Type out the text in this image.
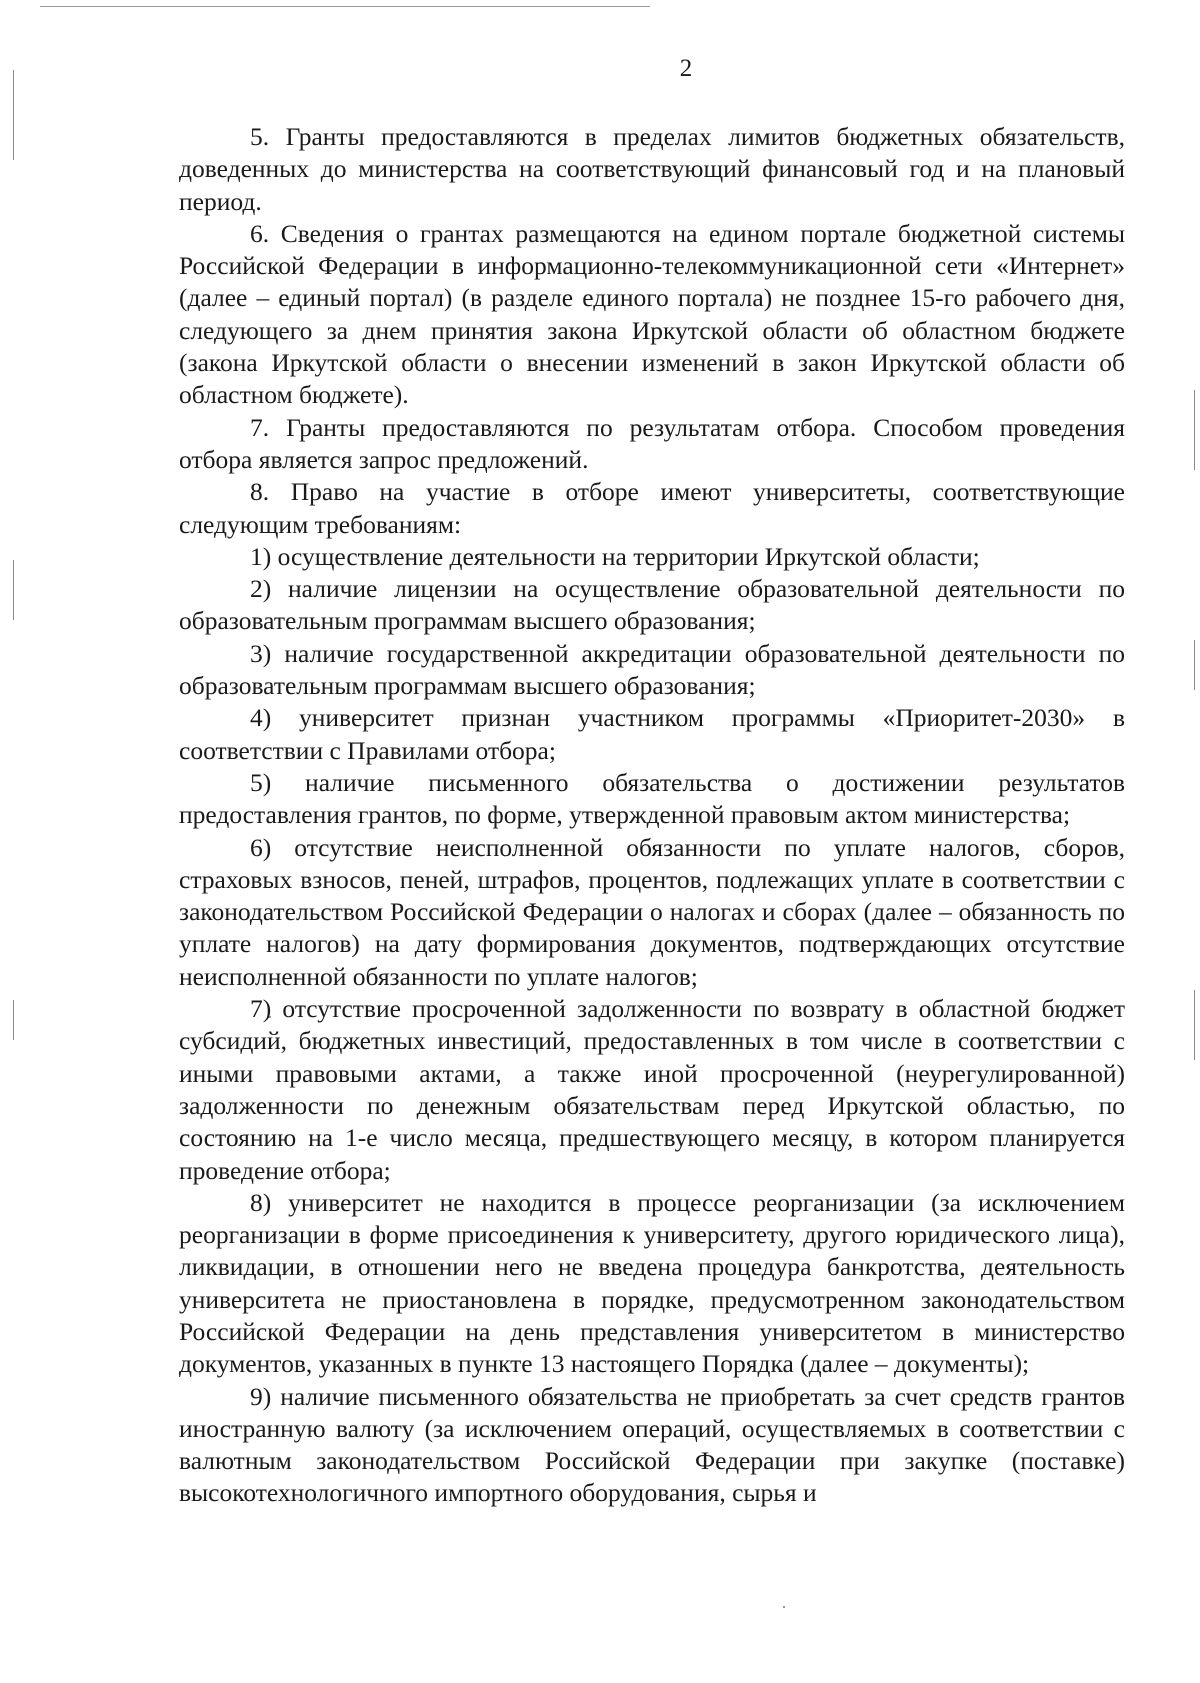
2

5. Гранты предоставляются в пределах лимитов бюджетных обязательств, доведенных до министерства на соответствующий финансовый год и на плановый период.

6. Сведения о грантах размещаются на едином портале бюджетной системы Российской Федерации в информационно-телекоммуникационной сети «Интернет» (далее – единый портал) (в разделе единого портала) не позднее 15-го рабочего дня, следующего за днем принятия закона Иркутской области об областном бюджете (закона Иркутской области о внесении изменений в закон Иркутской области об областном бюджете).

7. Гранты предоставляются по результатам отбора. Способом проведения отбора является запрос предложений.

8. Право на участие в отборе имеют университеты, соответствующие следующим требованиям:

1) осуществление деятельности на территории Иркутской области;

2) наличие лицензии на осуществление образовательной деятельности по образовательным программам высшего образования;

3) наличие государственной аккредитации образовательной деятельности по образовательным программам высшего образования;

4) университет признан участником программы «Приоритет-2030» в соответствии с Правилами отбора;

5) наличие письменного обязательства о достижении результатов предоставления грантов, по форме, утвержденной правовым актом министерства;

6) отсутствие неисполненной обязанности по уплате налогов, сборов, страховых взносов, пеней, штрафов, процентов, подлежащих уплате в соответствии с законодательством Российской Федерации о налогах и сборах (далее – обязанность по уплате налогов) на дату формирования документов, подтверждающих отсутствие неисполненной обязанности по уплате налогов;

7) отсутствие просроченной задолженности по возврату в областной бюджет субсидий, бюджетных инвестиций, предоставленных в том числе в соответствии с иными правовыми актами, а также иной просроченной (неурегулированной) задолженности по денежным обязательствам перед Иркутской областью, по состоянию на 1-е число месяца, предшествующего месяцу, в котором планируется проведение отбора;

8) университет не находится в процессе реорганизации (за исключением реорганизации в форме присоединения к университету, другого юридического лица), ликвидации, в отношении него не введена процедура банкротства, деятельность университета не приостановлена в порядке, предусмотренном законодательством Российской Федерации на день представления университетом в министерство документов, указанных в пункте 13 настоящего Порядка (далее – документы);

9) наличие письменного обязательства не приобретать за счет средств грантов иностранную валюту (за исключением операций, осуществляемых в соответствии с валютным законодательством Российской Федерации при закупке (поставке) высокотехнологичного импортного оборудования, сырья и
